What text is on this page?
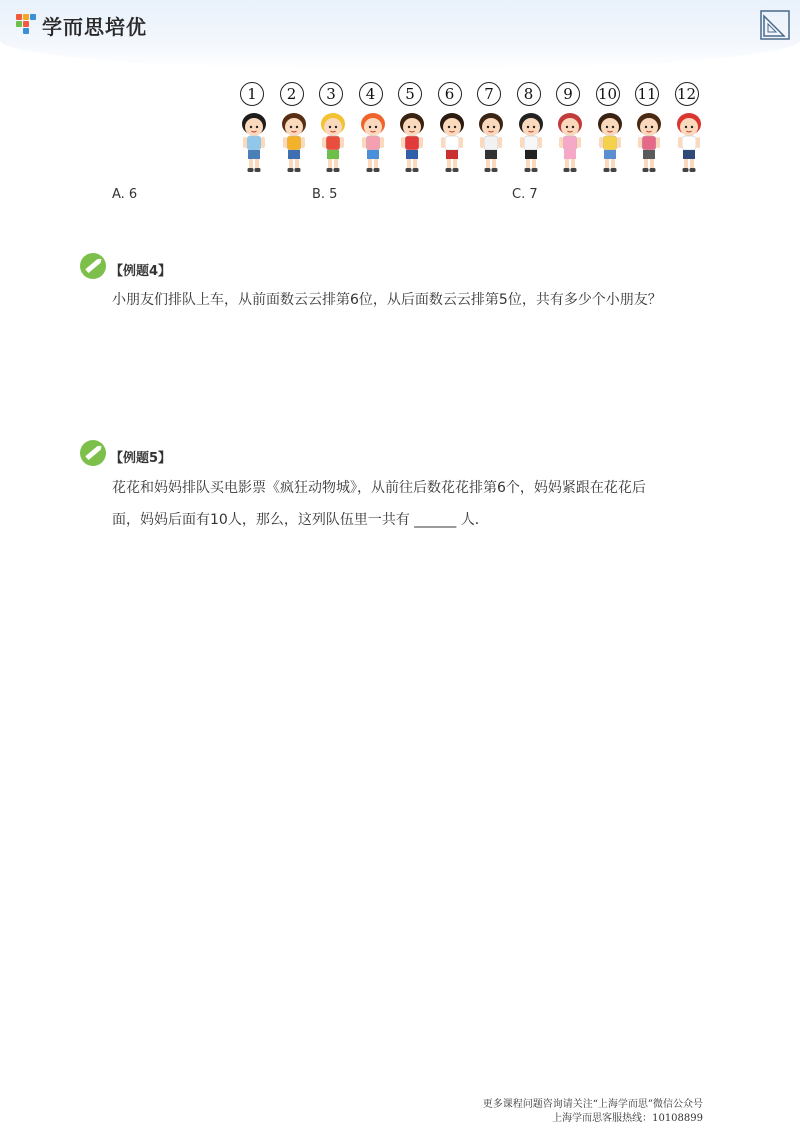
学而思培优
1	2	3	4	5	6	7	8	9	10 11 12
A. 6	B. 5	C. 7
【例题4】
小朋友们排队上车，从前面数云云排第6位，从后面数云云排第5位，共有多少个小朋友？
【例题5】
花花和妈妈排队买电影票《疯狂动物城》，从前往后数花花排第6个，妈妈紧跟在花花后
面，妈妈后面有10人，那么，这列队伍里一共有 ______ 人．
更多课程问题咨询请关注“上海学而思”微信公众号
上海学而思客服热线：10108899
